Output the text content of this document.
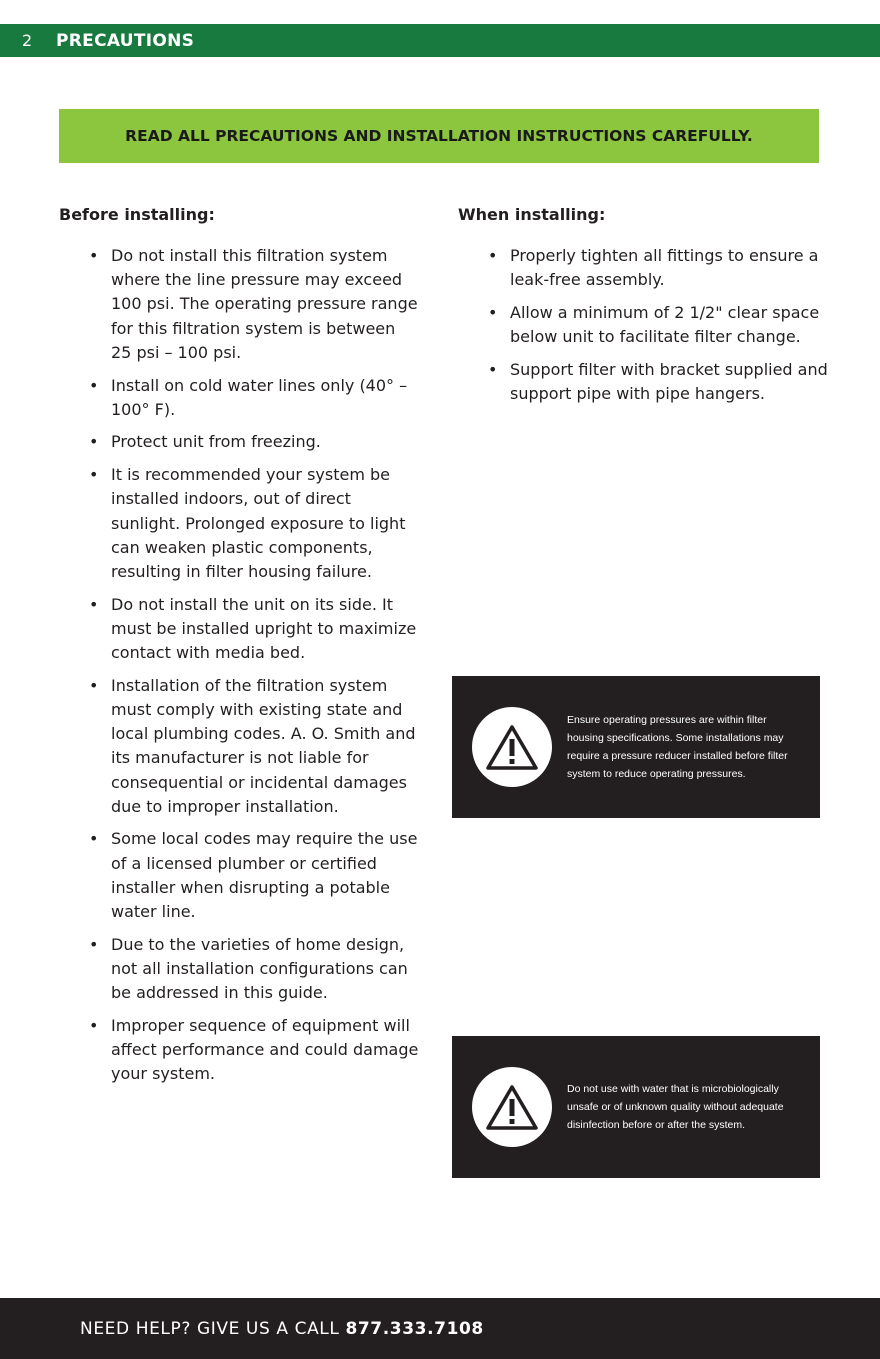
2	PRECAUTIONS
READ ALL PRECAUTIONS AND INSTALLATION INSTRUCTIONS CAREFULLY.
Before installing:
• Do not install this filtration system where the line pressure may exceed 100 psi. The operating pressure range for this filtration system is between 25 psi – 100 psi.
• Install on cold water lines only (40° – 100° F).
• Protect unit from freezing.
• It is recommended your system be installed indoors, out of direct sunlight. Prolonged exposure to light can weaken plastic components, resulting in filter housing failure.
• Do not install the unit on its side. It must be installed upright to maximize contact with media bed.
• Installation of the filtration system must comply with existing state and local plumbing codes. A. O. Smith and its manufacturer is not liable for consequential or incidental damages due to improper installation.
• Some local codes may require the use of a licensed plumber or certified installer when disrupting a potable water line.
• Due to the varieties of home design, not all installation configurations can be addressed in this guide.
• Improper sequence of equipment will affect performance and could damage your system.
When installing:
• Properly tighten all fittings to ensure a leak-free assembly.
• Allow a minimum of 2 1/2" clear space below unit to facilitate filter change.
• Support filter with bracket supplied and support pipe with pipe hangers.
Ensure operating pressures are within filter housing specifications. Some installations may require a pressure reducer installed before filter system to reduce operating pressures.
Do not use with water that is microbiologically unsafe or of unknown quality without adequate disinfection before or after the system.
NEED HELP? GIVE US A CALL 877.333.7108
